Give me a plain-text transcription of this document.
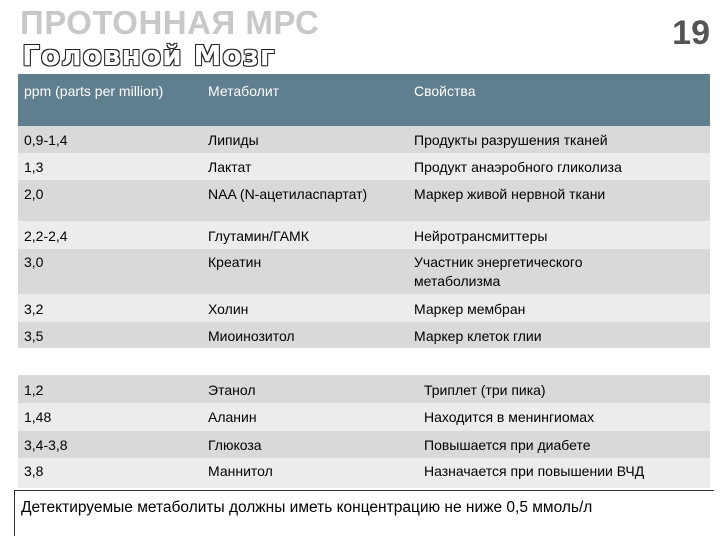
ПРОТОННАЯ МРС
Головной Мозг
19
ppm (parts per million)	Метаболит	Свойства
0,9-1,4	Липиды	Продукты разрушения тканей
1,3	Лактат	Продукт анаэробного гликолиза
2,0	NAA (N-ацетиласпартат)	Маркер живой нервной ткани
2,2-2,4	Глутамин/ГАМК	Нейротрансмиттеры
3,0	Креатин	Участник энергетического метаболизма
3,2	Холин	Маркер мембран
3,5	Миоинозитол	Маркер клеток глии
1,2	Этанол	Триплет (три пика)
1,48	Аланин	Находится в менингиомах
3,4-3,8	Глюкоза	Повышается при диабете
3,8	Маннитол	Назначается при повышении ВЧД
Детектируемые метаболиты должны иметь концентрацию не ниже 0,5 ммоль/л
